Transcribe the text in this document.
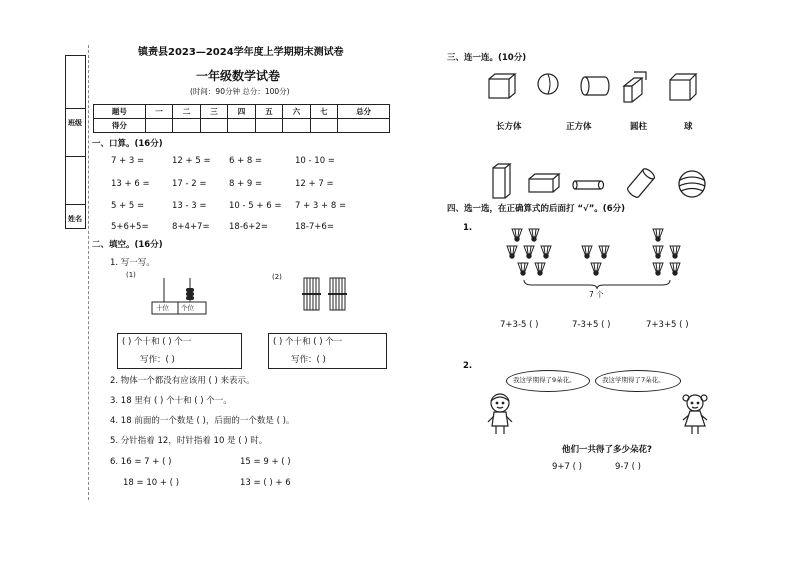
班级
姓名
镇赉县2023—2024学年度上学期期末测试卷
一年级数学试卷
(时间：90分钟 总分：100分)
题号	一	二	三	四	五	六	七	总分
得分								
一、口算。(16分)
7 + 3 =	12 + 5 = 6 + 8 =	10 - 10 =
13 + 6 =	17 - 2 =	8 + 9 =	12 + 7 =
5 + 5 =	13 - 3 =	10 - 5 + 6 = 7 + 3 + 8 =
5+6+5=	8+4+7= 18-6+2=	18-7+6=
二、填空。(16分)
1. 写一写。
(1)	(2)
十位 个位
( ) 个十和 ( ) 个一
写作：( )
( ) 个十和 ( ) 个一
写作：( )
2. 物体一个都没有应该用 ( ) 来表示。
3. 18 里有 ( ) 个十和 ( ) 个一。
4. 18 前面的一个数是 ( )，后面的一个数是 ( )。
5. 分针指着 12，时针指着 10 是 ( ) 时。
6. 16 = 7 + ( )	15 = 9 + ( )
18 = 10 + ( )	13 = ( ) + 6
三、连一连。(10分)
长方体	正方体	圆柱	球
四、选一选，在正确算式的后面打 “√”。(6分)
1.
7 个
7+3-5 ( )	7-3+5 ( )	7+3+5 ( )
2.
我这学期得了9朵花。	我这学期得了7朵花。
他们一共得了多少朵花?
9+7 ( )	9-7 ( )
